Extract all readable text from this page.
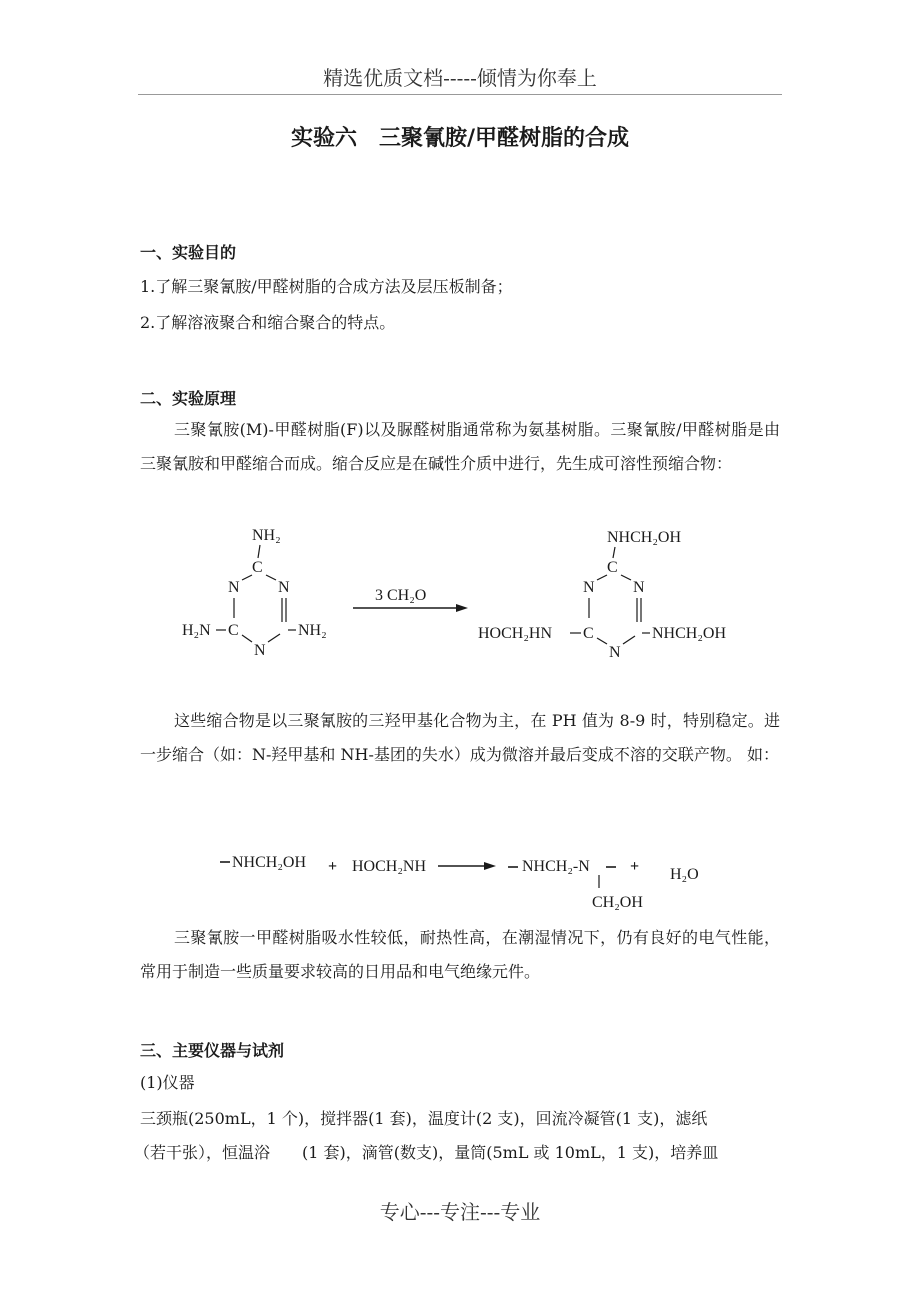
精选优质文档-----倾情为你奉上
实验六　三聚氰胺/甲醛树脂的合成
一、实验目的
1.了解三聚氰胺/甲醛树脂的合成方法及层压板制备；
2.了解溶液聚合和缩合聚合的特点。
二、实验原理
三聚氰胺(M)-甲醛树脂(F)以及脲醛树脂通常称为氨基树脂。三聚氰胺/甲醛树脂是由三聚氰胺和甲醛缩合而成。缩合反应是在碱性介质中进行，先生成可溶性预缩合物：
NH₂
C
N N
H₂N C
N
NH₂
3 CH₂O
NHCH₂OH
C
N N
HOCH₂HN C
N
NHCH₂OH
这些缩合物是以三聚氰胺的三羟甲基化合物为主，在 PH 值为 8-9 时，特别稳定。进一步缩合（如：N-羟甲基和 NH-基团的失水）成为微溶并最后变成不溶的交联产物。 如：
NHCH₂OH + HOCH₂NH	NHCH₂-N
CH₂OH
+ H₂O
三聚氰胺一甲醛树脂吸水性较低，耐热性高，在潮湿情况下，仍有良好的电气性能，常用于制造一些质量要求较高的日用品和电气绝缘元件。
三、主要仪器与试剂
(1)仪器
三颈瓶(250mL，1 个)，搅拌器(1 套)，温度计(2 支)，回流冷凝管(1 支)，滤纸
（若干张），恒温浴　　(1 套)，滴管(数支)，量筒(5mL 或 10mL，1 支)，培养皿
专心---专注---专业
